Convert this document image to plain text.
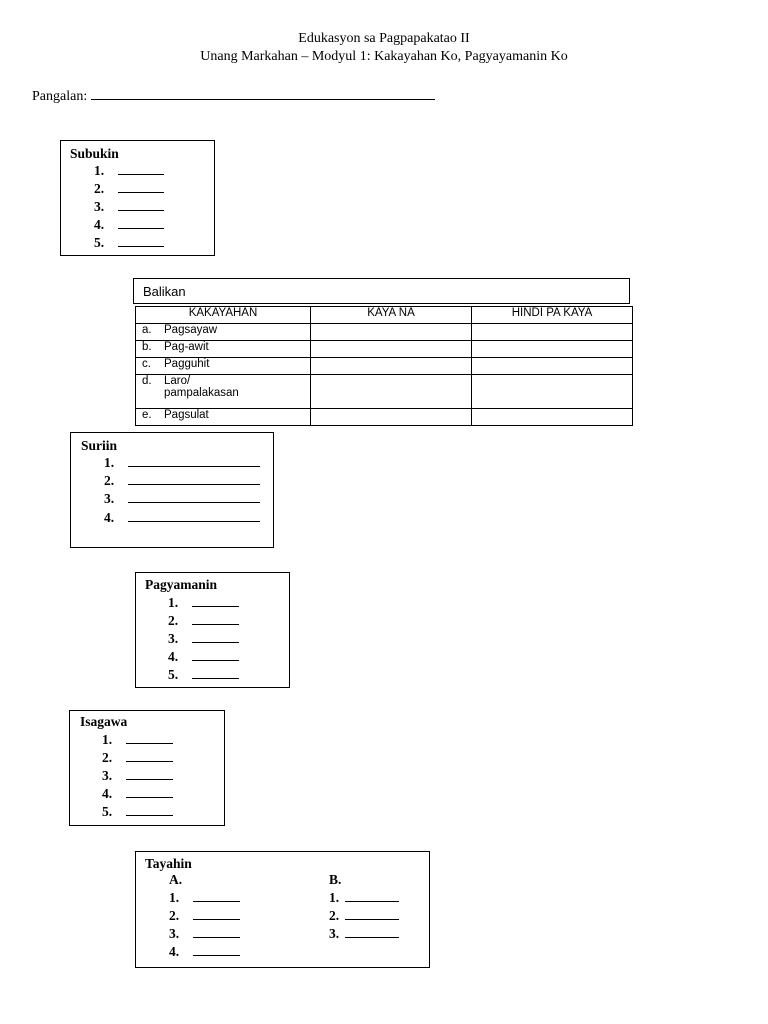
Edukasyon sa Pagpapakatao II
Unang Markahan – Modyul 1: Kakayahan Ko, Pagyayamanin Ko
Pangalan:
Subukin
1.
2.
3.
4.
5.
Balikan
KAKAYAHAN	KAYA NA	HINDI PA KAYA
a. Pagsayaw		
b. Pag-awit		
c. Pagguhit		

d. Laro/ pampalakasan		

e. Pagsulat		
Suriin
1.
2.
3.
4.
Pagyamanin
1.
2.
3.
4.
5.
Isagawa
1.
2.
3.
4.
5.
Tayahin
A.	B.
1.
2.
3.
4.
1.
2.
3.
